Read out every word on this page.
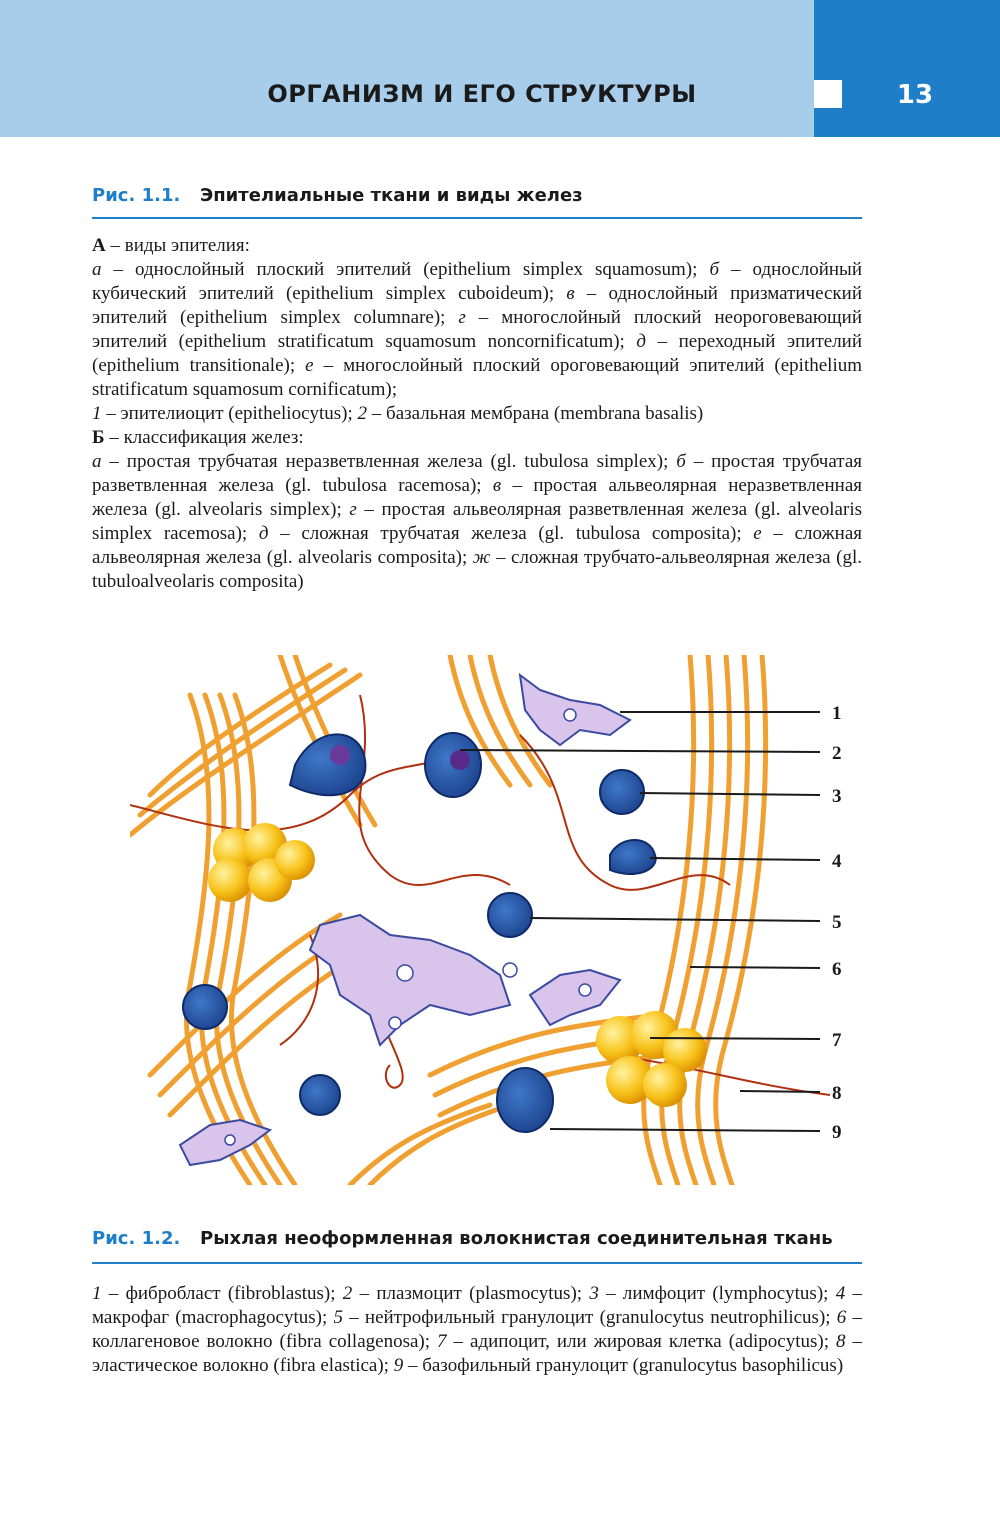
ОРГАНИЗМ И ЕГО СТРУКТУРЫ	13
Рис. 1.1. Эпителиальные ткани и виды желез

А – виды эпителия:

а – однослойный плоский эпителий (epithelium simplex squamosum); б – однослойный кубический эпителий (epithelium simplex cuboideum); в – однослойный призматический эпителий (epithelium simplex columnare); г – многослойный плоский неороговевающий эпителий (epithelium stratificatum squamosum noncornificatum); д – переходный эпителий (epithelium transitionale); е – многослойный плоский ороговевающий эпителий (epithelium stratificatum squamosum cornificatum);

1 – эпителиоцит (epitheliocytus); 2 – базальная мембрана (membrana basalis)

Б – классификация желез:

а – простая трубчатая неразветвленная железа (gl. tubulosa simplex); б – простая трубчатая разветвленная железа (gl. tubulosa racemosa); в – простая альвеолярная неразветвленная железа (gl. alveolaris simplex); г – простая альвеолярная разветвленная железа (gl. alveolaris simplex racemosa); д – сложная трубчатая железа (gl. tubulosa composita); е – сложная альвеолярная железа (gl. alveolaris composita); ж – сложная трубчато-альвеолярная железа (gl. tubuloalveolaris composita)

1
2
3
4
5
6
7
8
9
Рис. 1.2. Рыхлая неоформленная волокнистая соединительная ткань

1 – фибробласт (fibroblastus); 2 – плазмоцит (plasmocytus); 3 – лимфоцит (lymphocytus); 4 – макрофаг (macrophagocytus); 5 – нейтрофильный гранулоцит (granulocytus neutrophilicus); 6 – коллагеновое волокно (fibra collagenosa); 7 – адипоцит, или жировая клетка (adipocytus); 8 – эластическое волокно (fibra elastica); 9 – базофильный гранулоцит (granulocytus basophilicus)
